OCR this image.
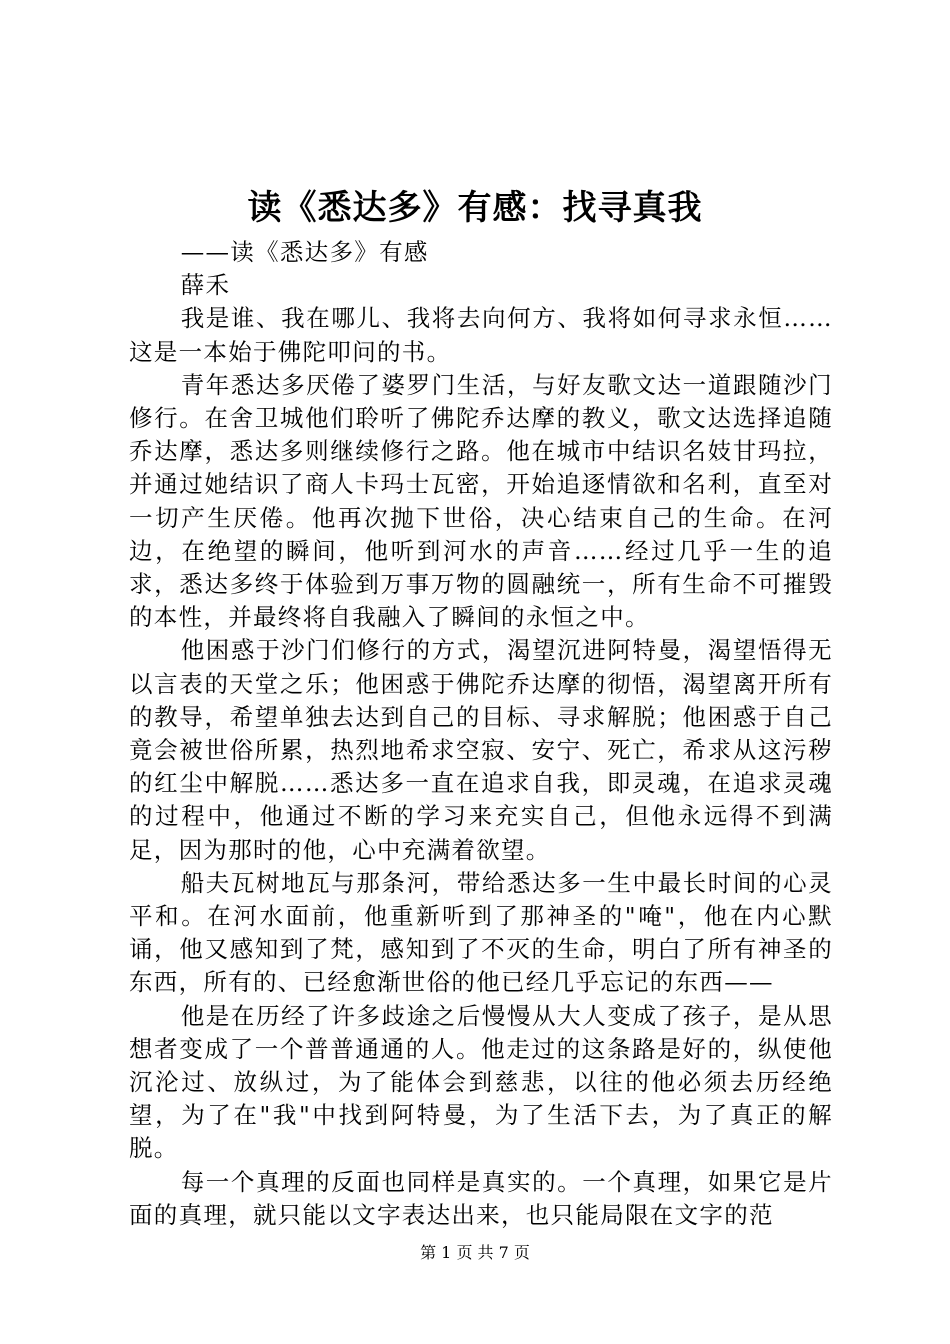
读《悉达多》有感：找寻真我

——读《悉达多》有感

薛禾

我是谁、我在哪儿、我将去向何方、我将如何寻求永恒……这是一本始于佛陀叩问的书。

青年悉达多厌倦了婆罗门生活，与好友歌文达一道跟随沙门修行。在舍卫城他们聆听了佛陀乔达摩的教义，歌文达选择追随乔达摩，悉达多则继续修行之路。他在城市中结识名妓甘玛拉，并通过她结识了商人卡玛士瓦密，开始追逐情欲和名利，直至对一切产生厌倦。他再次抛下世俗，决心结束自己的生命。在河边，在绝望的瞬间，他听到河水的声音……经过几乎一生的追求，悉达多终于体验到万事万物的圆融统一，所有生命不可摧毁的本性，并最终将自我融入了瞬间的永恒之中。

他困惑于沙门们修行的方式，渴望沉进阿特曼，渴望悟得无以言表的天堂之乐；他困惑于佛陀乔达摩的彻悟，渴望离开所有的教导，希望单独去达到自己的目标、寻求解脱；他困惑于自己竟会被世俗所累，热烈地希求空寂、安宁、死亡，希求从这污秽的红尘中解脱……悉达多一直在追求自我，即灵魂，在追求灵魂的过程中，他通过不断的学习来充实自己，但他永远得不到满足，因为那时的他，心中充满着欲望。

船夫瓦树地瓦与那条河，带给悉达多一生中最长时间的心灵平和。在河水面前，他重新听到了那神圣的"唵"，他在内心默诵，他又感知到了梵，感知到了不灭的生命，明白了所有神圣的东西，所有的、已经愈渐世俗的他已经几乎忘记的东西——

他是在历经了许多歧途之后慢慢从大人变成了孩子，是从思想者变成了一个普普通通的人。他走过的这条路是好的，纵使他沉沦过、放纵过，为了能体会到慈悲，以往的他必须去历经绝望，为了在"我"中找到阿特曼，为了生活下去，为了真正的解脱。

每一个真理的反面也同样是真实的。一个真理，如果它是片面的真理，就只能以文字表达出来，也只能局限在文字的范

第 1 页 共 7 页
